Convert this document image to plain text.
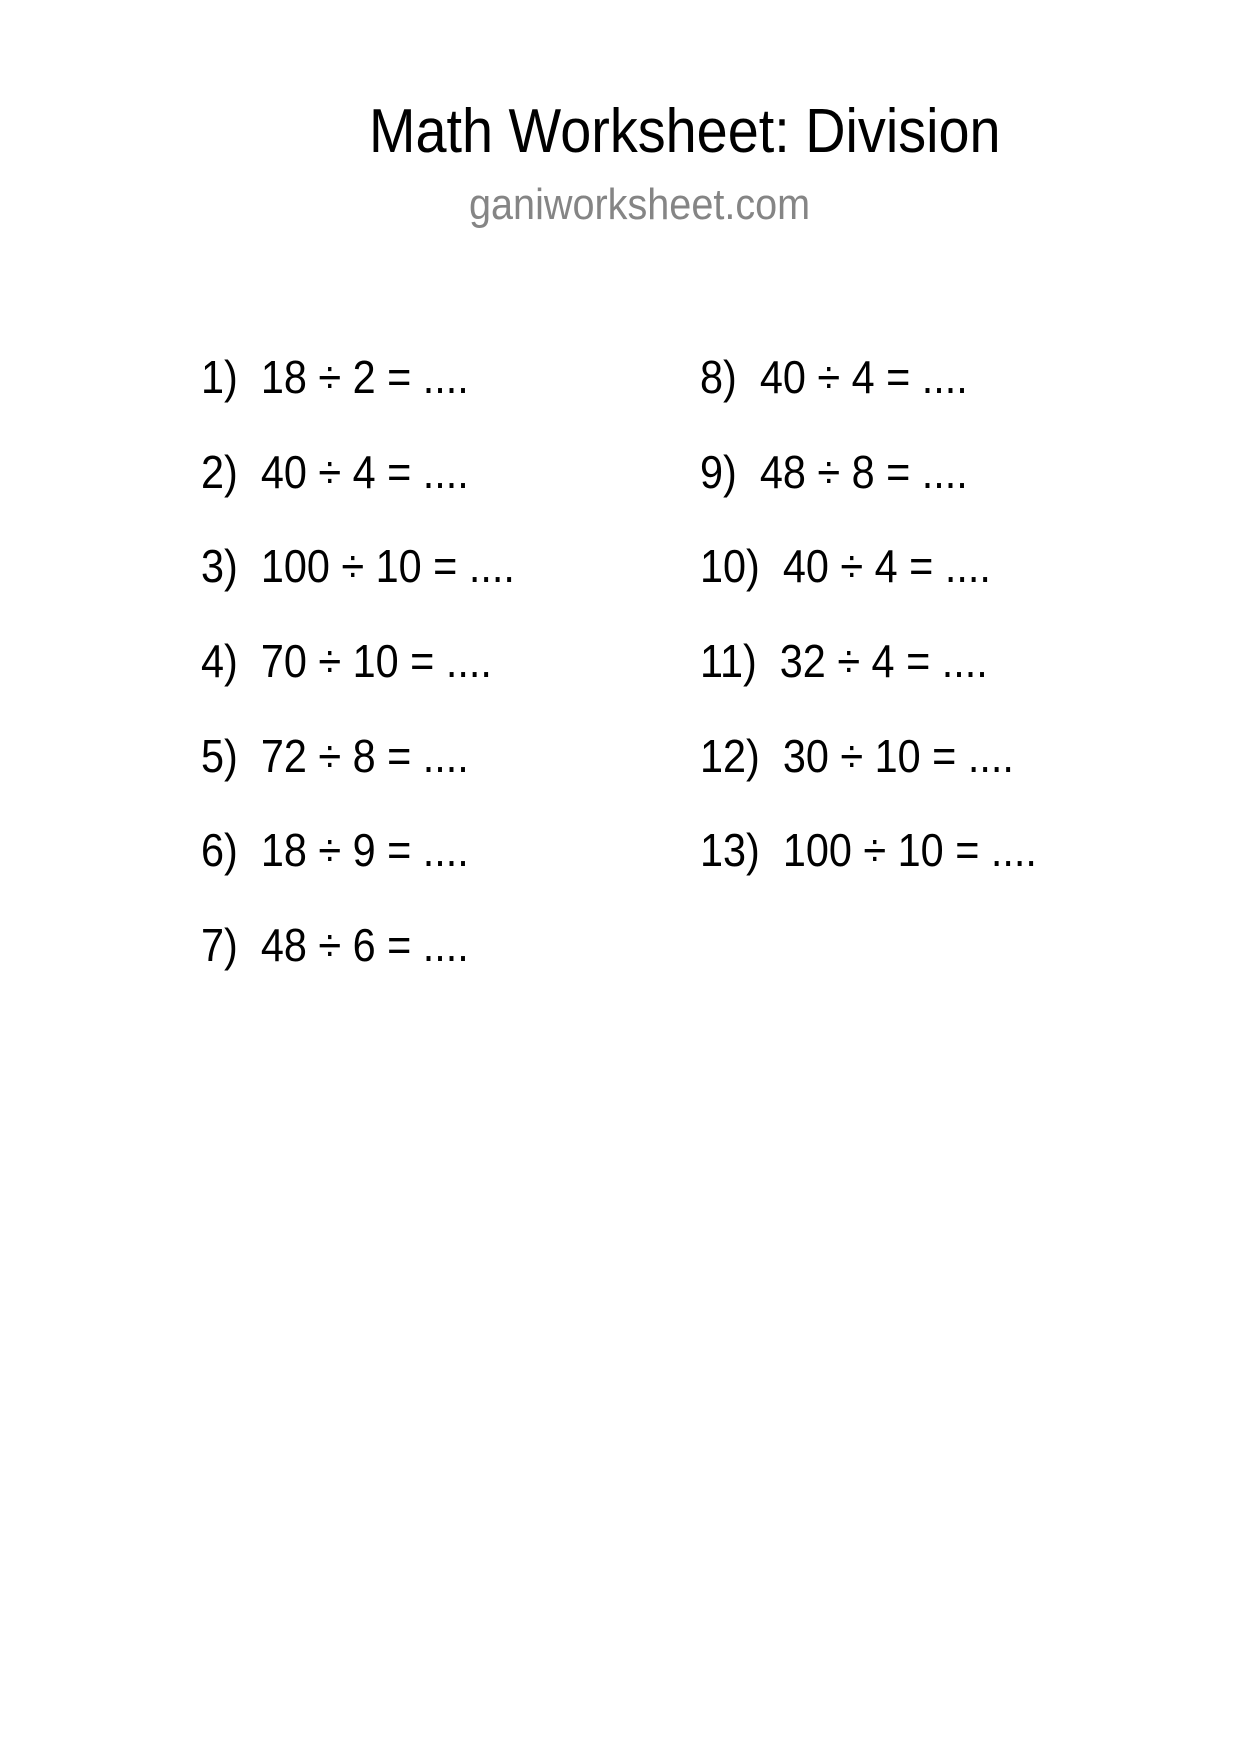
Math Worksheet: Division
ganiworksheet.com
1)  18 ÷ 2 = ....
2)  40 ÷ 4 = ....
3)  100 ÷ 10 = ....
4)  70 ÷ 10 = ....
5)  72 ÷ 8 = ....
6)  18 ÷ 9 = ....
7)  48 ÷ 6 = ....
8)  40 ÷ 4 = ....
9)  48 ÷ 8 = ....
10)  40 ÷ 4 = ....
11)  32 ÷ 4 = ....
12)  30 ÷ 10 = ....
13)  100 ÷ 10 = ....
